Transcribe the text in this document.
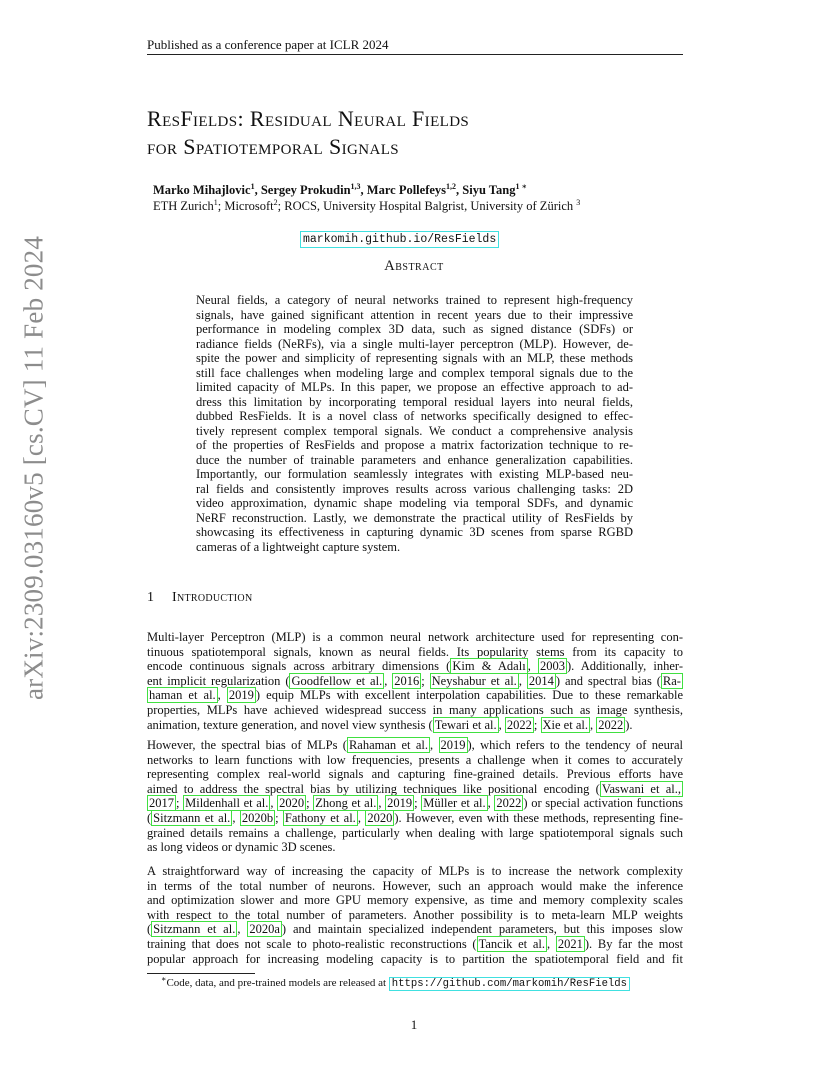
Published as a conference paper at ICLR 2024
arXiv:2309.03160v5 [cs.CV] 11 Feb 2024
ResFields: Residual Neural Fields
for Spatiotemporal Signals
Marko Mihajlovic$^1$, Sergey Prokudin$^{1,3}$, Marc Pollefeys$^{1,2}$, Siyu Tang$^{1 ∗}$
ETH Zurich$^1$; Microsoft$^2$; ROCS, University Hospital Balgrist, University of Zürich $^3$
markomih.github.io/ResFields
Abstract
Neural fields, a category of neural networks trained to represent high-frequency
signals, have gained significant attention in recent years due to their impressive
performance in modeling complex 3D data, such as signed distance (SDFs) or
radiance fields (NeRFs), via a single multi-layer perceptron (MLP). However, de-
spite the power and simplicity of representing signals with an MLP, these methods
still face challenges when modeling large and complex temporal signals due to the
limited capacity of MLPs. In this paper, we propose an effective approach to ad-
dress this limitation by incorporating temporal residual layers into neural fields,
dubbed ResFields. It is a novel class of networks specifically designed to effec-
tively represent complex temporal signals. We conduct a comprehensive analysis
of the properties of ResFields and propose a matrix factorization technique to re-
duce the number of trainable parameters and enhance generalization capabilities.
Importantly, our formulation seamlessly integrates with existing MLP-based neu-
ral fields and consistently improves results across various challenging tasks: 2D
video approximation, dynamic shape modeling via temporal SDFs, and dynamic
NeRF reconstruction. Lastly, we demonstrate the practical utility of ResFields by
showcasing its effectiveness in capturing dynamic 3D scenes from sparse RGBD
cameras of a lightweight capture system.
1 Introduction
Multi-layer Perceptron (MLP) is a common neural network architecture used for representing con-
tinuous spatiotemporal signals, known as neural fields. Its popularity stems from its capacity to
encode continuous signals across arbitrary dimensions ( Kim & Adalı , 2003 ). Additionally, inher-
ent implicit regularization ( Goodfellow et al. , 2016 ; Neyshabur et al. , 2014 ) and spectral bias ( Ra-
haman et al. , 2019 ) equip MLPs with excellent interpolation capabilities. Due to these remarkable
properties, MLPs have achieved widespread success in many applications such as image synthesis,
animation, texture generation, and novel view synthesis ( Tewari et al. , 2022 ; Xie et al. , 2022 ).
However, the spectral bias of MLPs ( Rahaman et al. , 2019 ), which refers to the tendency of neural
networks to learn functions with low frequencies, presents a challenge when it comes to accurately
representing complex real-world signals and capturing fine-grained details. Previous efforts have
aimed to address the spectral bias by utilizing techniques like positional encoding ( Vaswani et al.,
2017 ; Mildenhall et al. , 2020 ; Zhong et al. , 2019 ; Müller et al. , 2022 ) or special activation functions
( Sitzmann et al. , 2020b ; Fathony et al. , 2020 ). However, even with these methods, representing fine-
grained details remains a challenge, particularly when dealing with large spatiotemporal signals such
as long videos or dynamic 3D scenes.
A straightforward way of increasing the capacity of MLPs is to increase the network complexity
in terms of the total number of neurons. However, such an approach would make the inference
and optimization slower and more GPU memory expensive, as time and memory complexity scales
with respect to the total number of parameters. Another possibility is to meta-learn MLP weights
( Sitzmann et al. , 2020a ) and maintain specialized independent parameters, but this imposes slow
training that does not scale to photo-realistic reconstructions ( Tancik et al. , 2021 ). By far the most
popular approach for increasing modeling capacity is to partition the spatiotemporal field and fit
∗Code, data, and pre-trained models are released at https://github.com/markomih/ResFields
1
